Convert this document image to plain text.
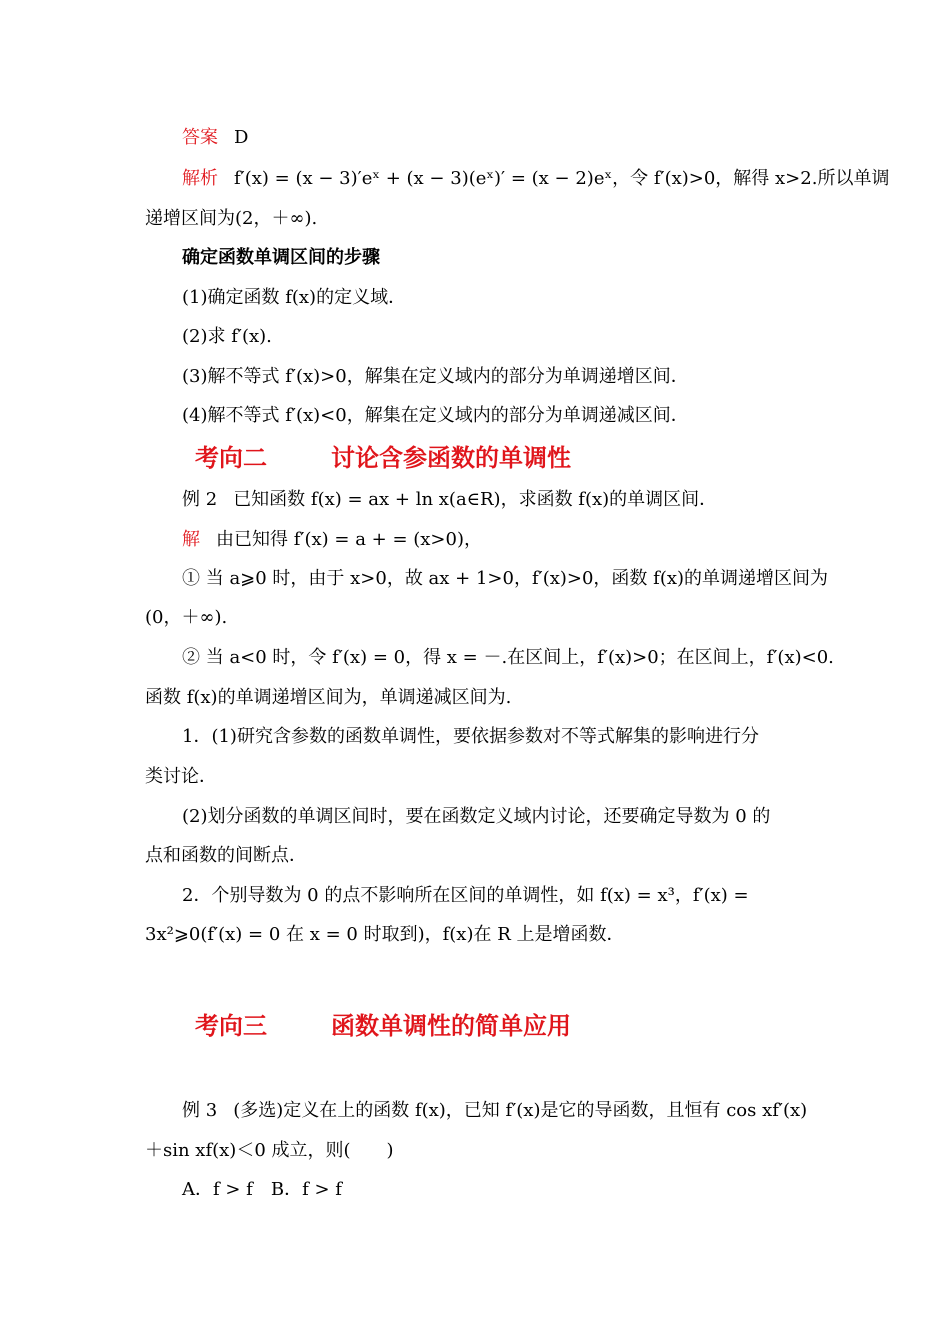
答案 D
解析 f′(x) = (x − 3)′eˣ + (x − 3)(eˣ)′ = (x − 2)eˣ，令 f′(x)>0，解得 x>2.所以单调
递增区间为(2，＋∞).
确定函数单调区间的步骤
(1)确定函数 f(x)的定义域．
(2)求 f′(x).
(3)解不等式 f′(x)>0，解集在定义域内的部分为单调递增区间．
(4)解不等式 f′(x)<0，解集在定义域内的部分为单调递减区间．
考向二	讨论含参函数的单调性
例 2 已知函数 f(x) = ax + ln x(a∈R)，求函数 f(x)的单调区间．
解 由已知得 f′(x) = a + = (x>0)，
① 当 a⩾0 时，由于 x>0，故 ax + 1>0，f′(x)>0，函数 f(x)的单调递增区间为
(0，＋∞).
② 当 a<0 时，令 f′(x) = 0，得 x = －.在区间上，f′(x)>0；在区间上，f′(x)<0.
函数 f(x)的单调递增区间为，单调递减区间为.
1．(1)研究含参数的函数单调性，要依据参数对不等式解集的影响进行分
类讨论．
(2)划分函数的单调区间时，要在函数定义域内讨论，还要确定导数为 0 的
点和函数的间断点．
2．个别导数为 0 的点不影响所在区间的单调性，如 f(x) = x³，f′(x) =
3x²⩾0(f′(x) = 0 在 x = 0 时取到)，f(x)在 R 上是增函数．
考向三	函数单调性的简单应用
例 3 (多选)定义在上的函数 f(x)，已知 f′(x)是它的导函数，且恒有 cos xf′(x)
＋sin xf(x)＜0 成立，则(　　)
A．f > f　B．f > f
